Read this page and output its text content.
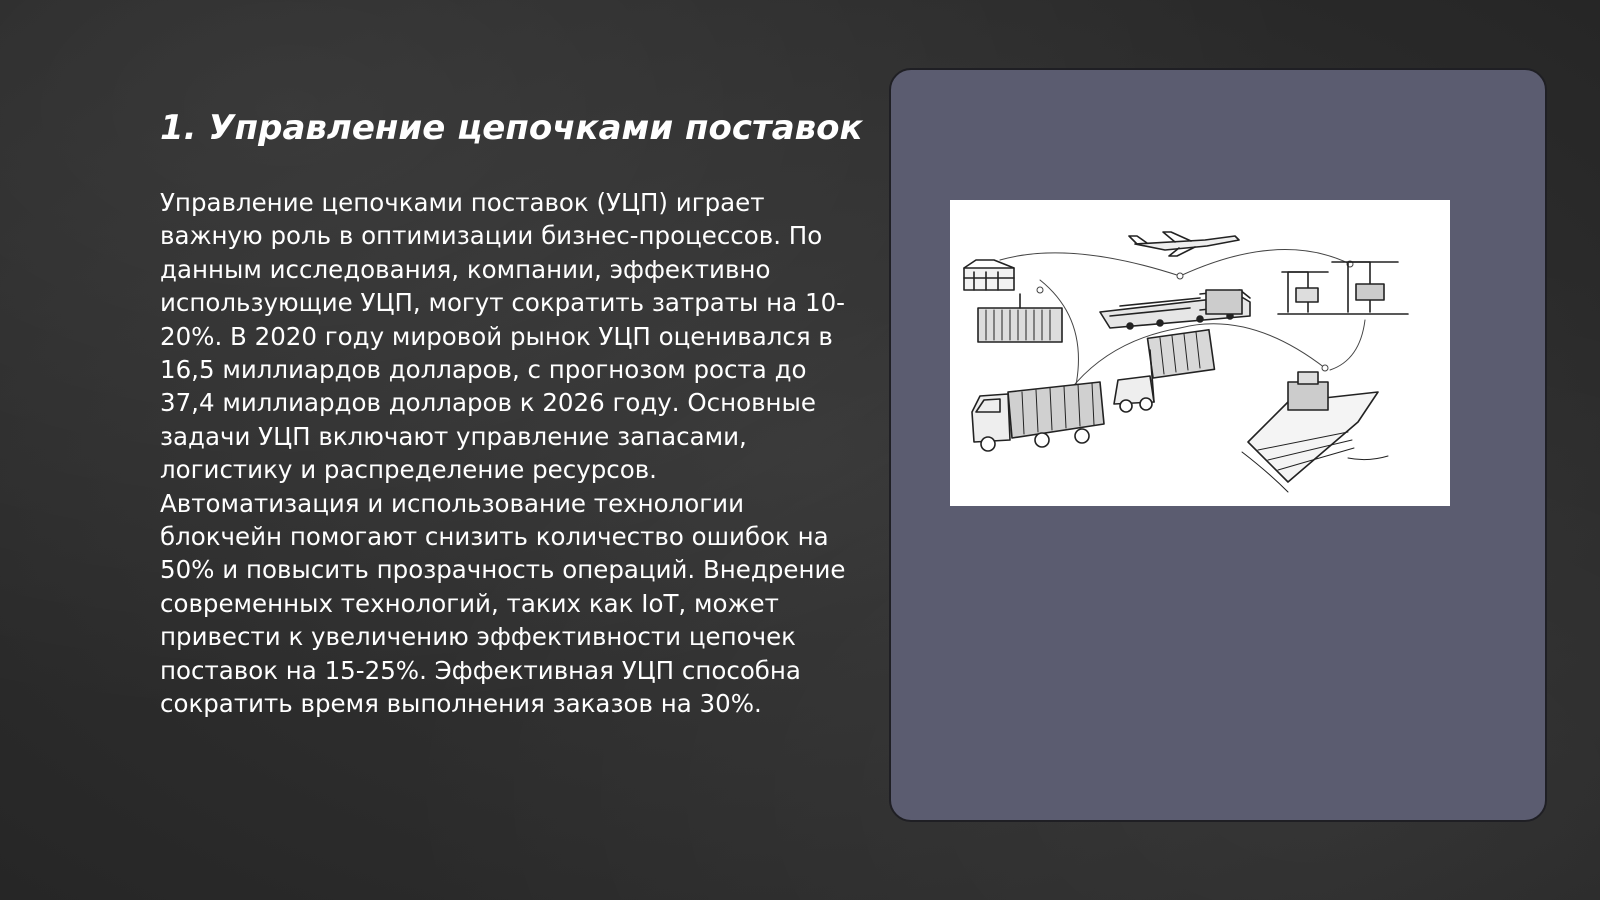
1. Управление цепочками поставок

Управление цепочками поставок (УЦП) играет важную роль в оптимизации бизнес-процессов. По данным исследования, компании, эффективно использующие УЦП, могут сократить затраты на 10-20%. В 2020 году мировой рынок УЦП оценивался в 16,5 миллиардов долларов, с прогнозом роста до 37,4 миллиардов долларов к 2026 году. Основные задачи УЦП включают управление запасами, логистику и распределение ресурсов. Автоматизация и использование технологии блокчейн помогают снизить количество ошибок на 50% и повысить прозрачность операций. Внедрение современных технологий, таких как IoT, может привести к увеличению эффективности цепочек поставок на 15-25%. Эффективная УЦП способна сократить время выполнения заказов на 30%.
